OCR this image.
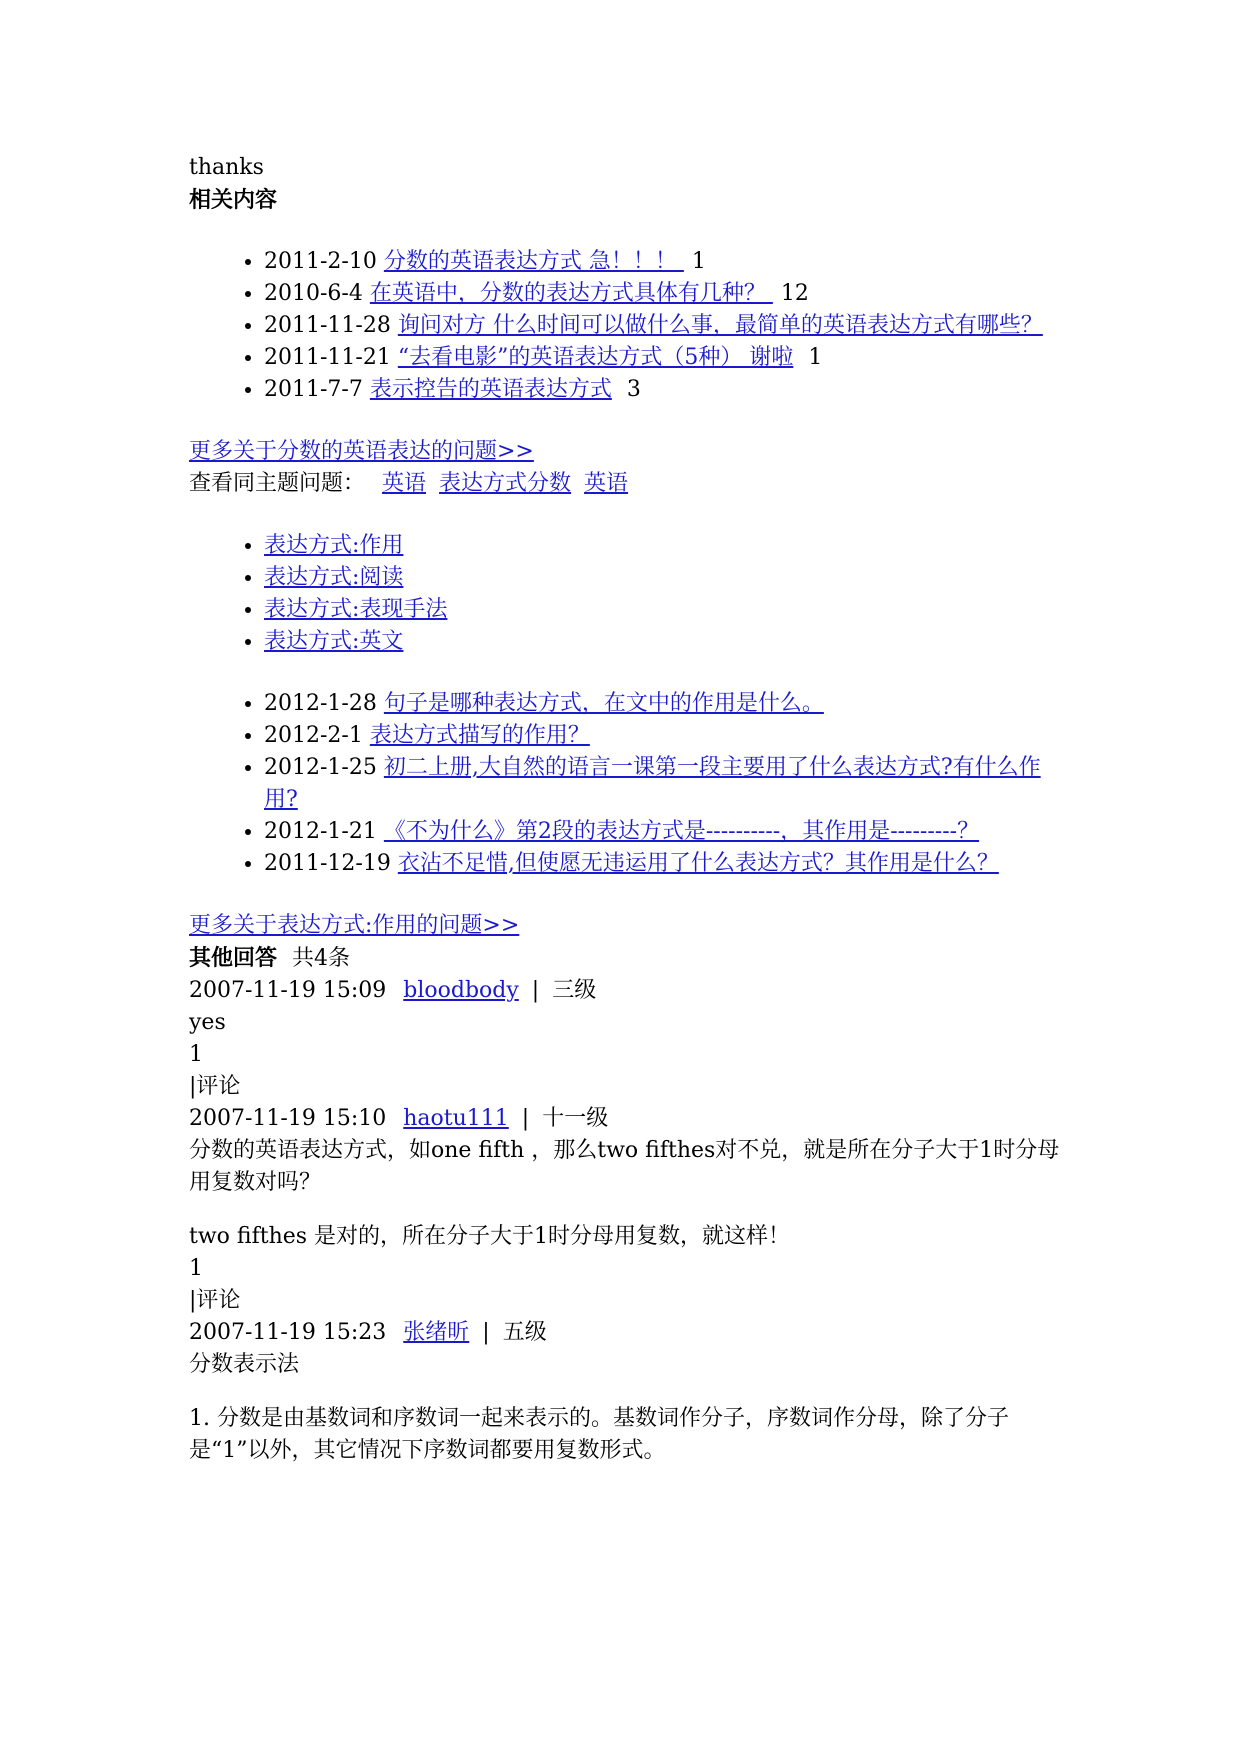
thanks
相关内容
• 2011-2-10 分数的英语表达方式 急！！！ 1
• 2010-6-4 在英语中，分数的表达方式具体有几种？ 12
• 2011-11-28 询问对方 什么时间可以做什么事，最简单的英语表达方式有哪些？
• 2011-11-21 “去看电影”的英语表达方式（5种） 谢啦 1
• 2011-7-7 表示控告的英语表达方式 3
更多关于分数的英语表达的问题>>
查看同主题问题： 英语 表达方式分数 英语
• 表达方式:作用
• 表达方式:阅读
• 表达方式:表现手法
• 表达方式:英文
• 2012-1-28 句子是哪种表达方式，在文中的作用是什么。
• 2012-2-1 表达方式描写的作用？
• 2012-1-25 初二上册,大自然的语言一课第一段主要用了什么表达方式?有什么作用?
• 2012-1-21 《不为什么》第2段的表达方式是----------，其作用是---------？
• 2011-12-19 衣沾不足惜,但使愿无违运用了什么表达方式？其作用是什么？
更多关于表达方式:作用的问题>>
其他回答 共4条
2007-11-19 15:09 bloodbody | 三级

yes

1
|评论
2007-11-19 15:10 haotu111 | 十一级

分数的英语表达方式，如one fifth ，那么two fifthes对不兑，就是所在分子大于1时分母用复数对吗？

two fifthes 是对的，所在分子大于1时分母用复数，就这样！

1
|评论
2007-11-19 15:23 张绪昕 | 五级

分数表示法

1. 分数是由基数词和序数词一起来表示的。基数词作分子，序数词作分母，除了分子是“1”以外，其它情况下序数词都要用复数形式。
